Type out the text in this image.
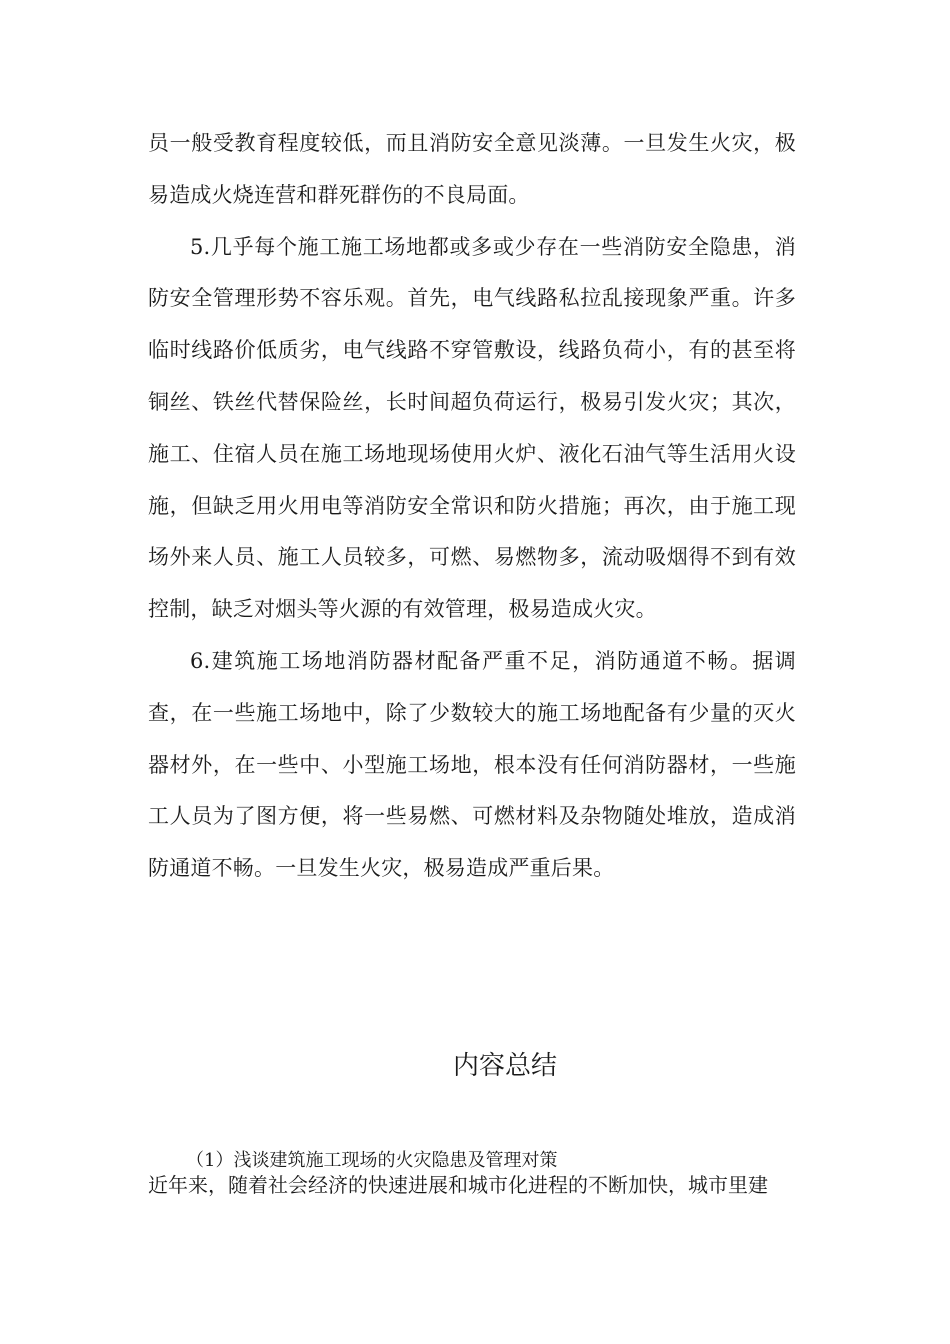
员一般受教育程度较低，而且消防安全意见淡薄。一旦发生火灾，极易造成火烧连营和群死群伤的不良局面。

5.几乎每个施工施工场地都或多或少存在一些消防安全隐患，消防安全管理形势不容乐观。首先，电气线路私拉乱接现象严重。许多临时线路价低质劣，电气线路不穿管敷设，线路负荷小，有的甚至将铜丝、铁丝代替保险丝，长时间超负荷运行，极易引发火灾；其次，施工、住宿人员在施工场地现场使用火炉、液化石油气等生活用火设施，但缺乏用火用电等消防安全常识和防火措施；再次，由于施工现场外来人员、施工人员较多，可燃、易燃物多，流动吸烟得不到有效控制，缺乏对烟头等火源的有效管理，极易造成火灾。

6.建筑施工场地消防器材配备严重不足，消防通道不畅。据调查，在一些施工场地中，除了少数较大的施工场地配备有少量的灭火器材外，在一些中、小型施工场地，根本没有任何消防器材，一些施工人员为了图方便，将一些易燃、可燃材料及杂物随处堆放，造成消防通道不畅。一旦发生火灾，极易造成严重后果。

内容总结

（1）浅谈建筑施工现场的火灾隐患及管理对策

近年来，随着社会经济的快速进展和城市化进程的不断加快，城市里建
